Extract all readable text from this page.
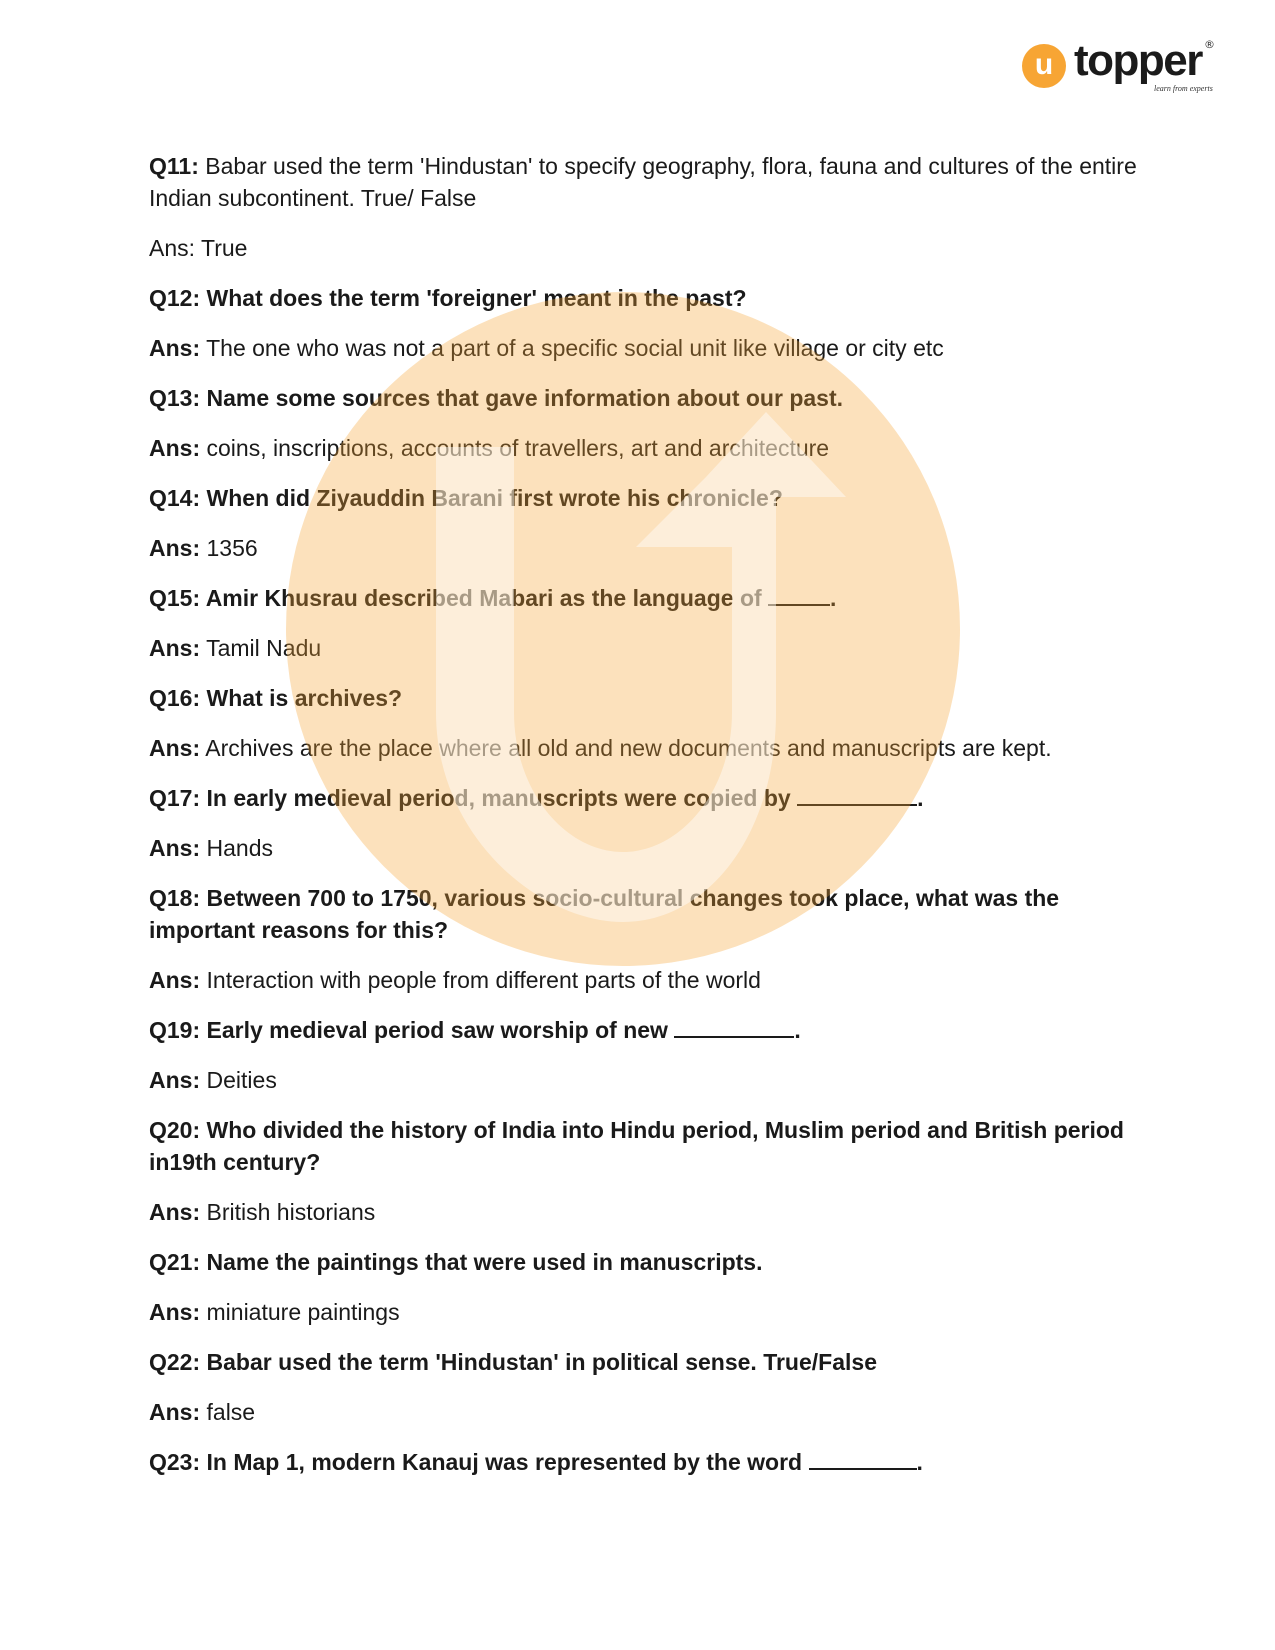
u topper ®
learn from experts
Q11: Babar used the term 'Hindustan' to specify geography, flora, fauna and cultures of the entire Indian subcontinent. True/ False
Ans: True
Q12: What does the term 'foreigner' meant in the past?
Ans: The one who was not a part of a specific social unit like village or city etc
Q13: Name some sources that gave information about our past.
Ans: coins, inscriptions, accounts of travellers, art and architecture
Q14: When did Ziyauddin Barani first wrote his chronicle?
Ans: 1356
Q15: Amir Khusrau described Mabari as the language of	.
Ans: Tamil Nadu
Q16: What is archives?
Ans: Archives are the place where all old and new documents and manuscripts are kept.
Q17: In early medieval period, manuscripts were copied by	.
Ans: Hands
Q18: Between 700 to 1750, various socio-cultural changes took place, what was the important reasons for this?
Ans: Interaction with people from different parts of the world
Q19: Early medieval period saw worship of new	.
Ans: Deities
Q20: Who divided the history of India into Hindu period, Muslim period and British period in19th century?
Ans: British historians
Q21: Name the paintings that were used in manuscripts.
Ans: miniature paintings
Q22: Babar used the term 'Hindustan' in political sense. True/False
Ans: false
Q23: In Map 1, modern Kanauj was represented by the word	.
